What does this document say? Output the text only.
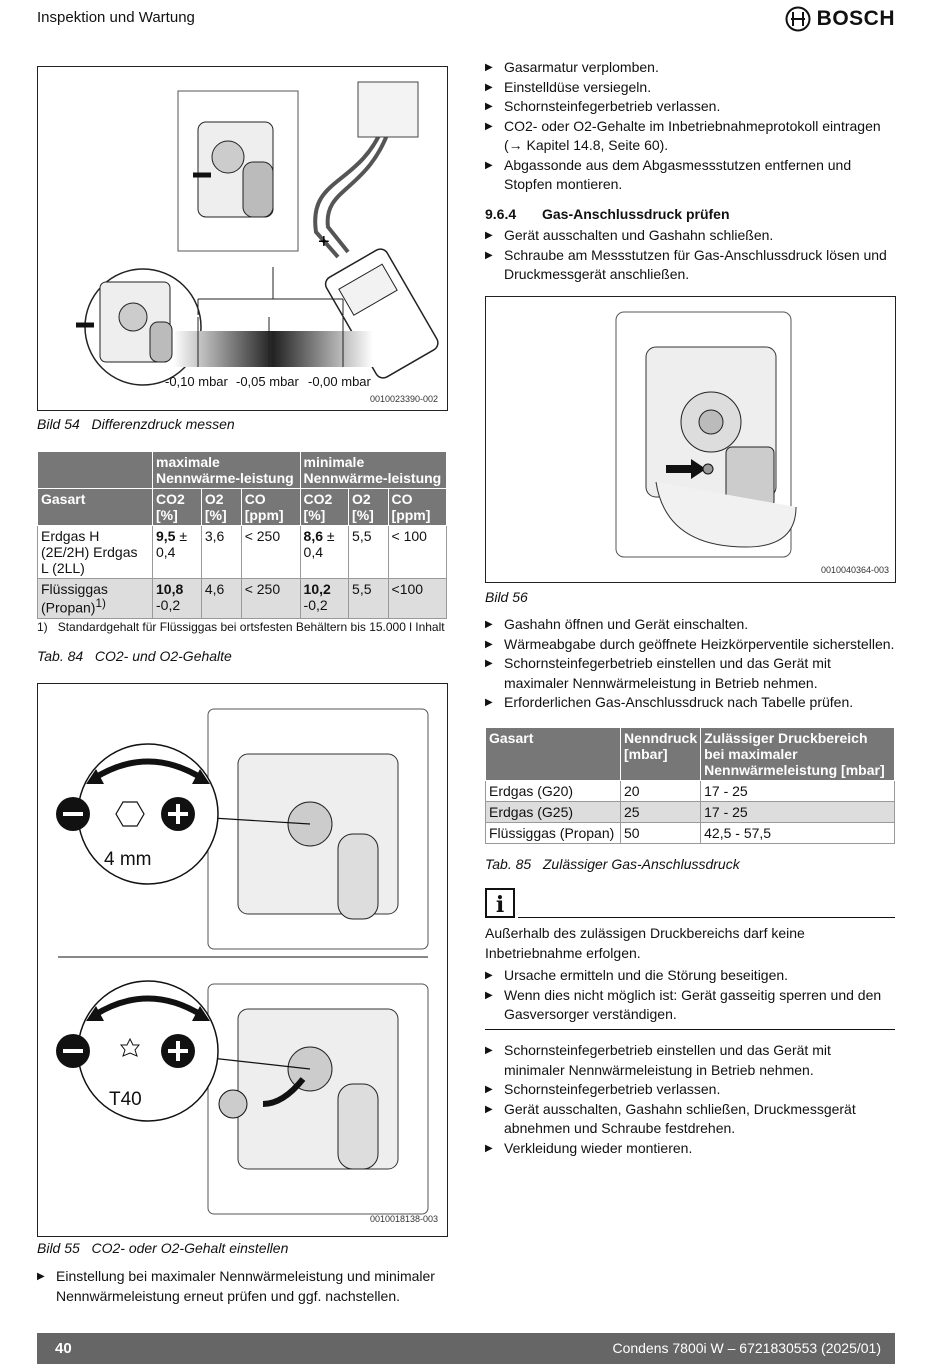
Inspektion und Wartung	BOSCH
+
-0,10 mbar -0,05 mbar -0,00 mbar
0010023390-002
Bild 54 Differenzdruck messen
	maximale Nennwärme-leistung			minimale Nennwärme-leistung		
Gasart	CO2 [%]	O2 [%]	CO [ppm]	CO2 [%]	O2 [%]	CO [ppm]
Erdgas H (2E/2H) Erdgas L (2LL)	9,5 ± 0,4	3,6	< 250	8,6 ± 0,4	5,5	< 100
Flüssiggas (Propan)$^{1)}$	10,8 -0,2	4,6	< 250	10,2 -0,2	5,5	<100
1) Standardgehalt für Flüssiggas bei ortsfesten Behältern bis 15.000 l Inhalt
Tab. 84 CO2- und O2-Gehalte
4 mm
T40
0010018138-003
Bild 55 CO2- oder O2-Gehalt einstellen
▶ Einstellung bei maximaler Nennwärmeleistung und minimaler Nennwärmeleistung erneut prüfen und ggf. nachstellen.
▶ Gasarmatur verplomben.
▶ Einstelldüse versiegeln.
▶ Schornsteinfegerbetrieb verlassen.
▶ CO2- oder O2-Gehalte im Inbetriebnahmeprotokoll eintragen (→ Kapitel 14.8, Seite 60).
▶ Abgassonde aus dem Abgasmessstutzen entfernen und Stopfen montieren.
9.6.4 Gas-Anschlussdruck prüfen
▶ Gerät ausschalten und Gashahn schließen.
▶ Schraube am Messstutzen für Gas-Anschlussdruck lösen und Druckmessgerät anschließen.
0010040364-003
Bild 56
▶ Gashahn öffnen und Gerät einschalten.
▶ Wärmeabgabe durch geöffnete Heizkörperventile sicherstellen.
▶ Schornsteinfegerbetrieb einstellen und das Gerät mit maximaler Nennwärmeleistung in Betrieb nehmen.
▶ Erforderlichen Gas-Anschlussdruck nach Tabelle prüfen.
Gasart	Nenndruck [mbar]	Zulässiger Druckbereich bei maximaler Nennwärmeleistung [mbar]
Erdgas (G20)	20	17 - 25
Erdgas (G25)	25	17 - 25
Flüssiggas (Propan)	50	42,5 - 57,5
Tab. 85 Zulässiger Gas-Anschlussdruck
i
Außerhalb des zulässigen Druckbereichs darf keine Inbetriebnahme erfolgen.
▶ Ursache ermitteln und die Störung beseitigen.
▶ Wenn dies nicht möglich ist: Gerät gasseitig sperren und den Gasversorger verständigen.
▶ Schornsteinfegerbetrieb einstellen und das Gerät mit minimaler Nennwärmeleistung in Betrieb nehmen.
▶ Schornsteinfegerbetrieb verlassen.
▶ Gerät ausschalten, Gashahn schließen, Druckmessgerät abnehmen und Schraube festdrehen.
▶ Verkleidung wieder montieren.
40	Condens 7800i W – 6721830553 (2025/01)
